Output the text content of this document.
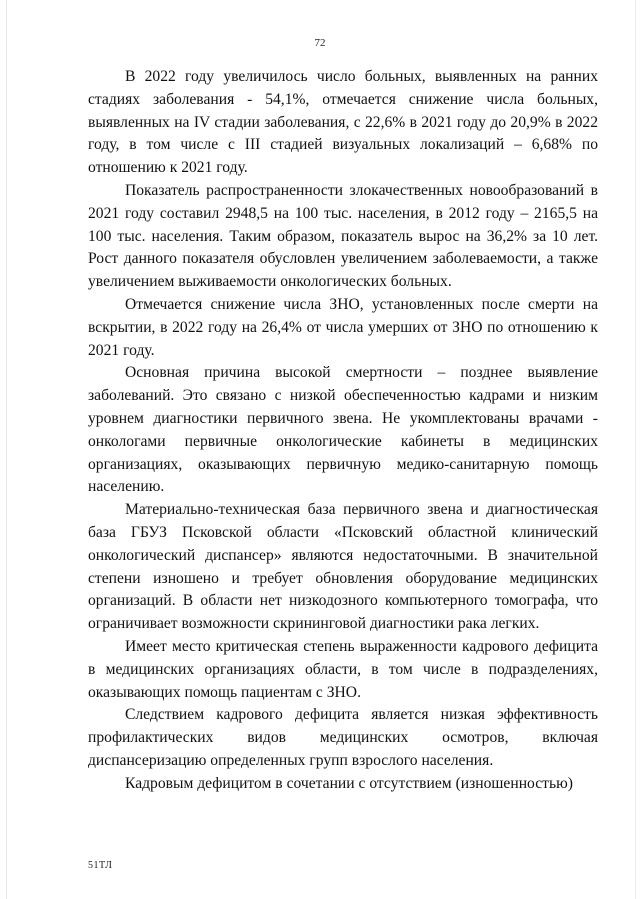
72

В 2022 году увеличилось число больных, выявленных на ранних стадиях заболевания - 54,1%, отмечается снижение числа больных, выявленных на IV стадии заболевания, с 22,6% в 2021 году до 20,9% в 2022 году, в том числе с III стадией визуальных локализаций – 6,68% по отношению к 2021 году.

Показатель распространенности злокачественных новообразований в 2021 году составил 2948,5 на 100 тыс. населения, в 2012 году – 2165,5 на 100 тыс. населения. Таким образом, показатель вырос на 36,2% за 10 лет. Рост данного показателя обусловлен увеличением заболеваемости, а также увеличением выживаемости онкологических больных.

Отмечается снижение числа ЗНО, установленных после смерти на вскрытии, в 2022 году на 26,4% от числа умерших от ЗНО по отношению к 2021 году.

Основная причина высокой смертности – позднее выявление заболеваний. Это связано с низкой обеспеченностью кадрами и низким уровнем диагностики первичного звена. Не укомплектованы врачами - онкологами первичные онкологические кабинеты в медицинских организациях, оказывающих первичную медико-санитарную помощь населению.

Материально-техническая база первичного звена и диагностическая база ГБУЗ Псковской области «Псковский областной клинический онкологический диспансер» являются недостаточными. В значительной степени изношено и требует обновления оборудование медицинских организаций. В области нет низкодозного компьютерного томографа, что ограничивает возможности скрининговой диагностики рака легких.

Имеет место критическая степень выраженности кадрового дефицита в медицинских организациях области, в том числе в подразделениях, оказывающих помощь пациентам с ЗНО.

Следствием кадрового дефицита является низкая эффективность профилактических видов медицинских осмотров, включая диспансеризацию определенных групп взрослого населения.

Кадровым дефицитом в сочетании с отсутствием (изношенностью)

51ТЛ
